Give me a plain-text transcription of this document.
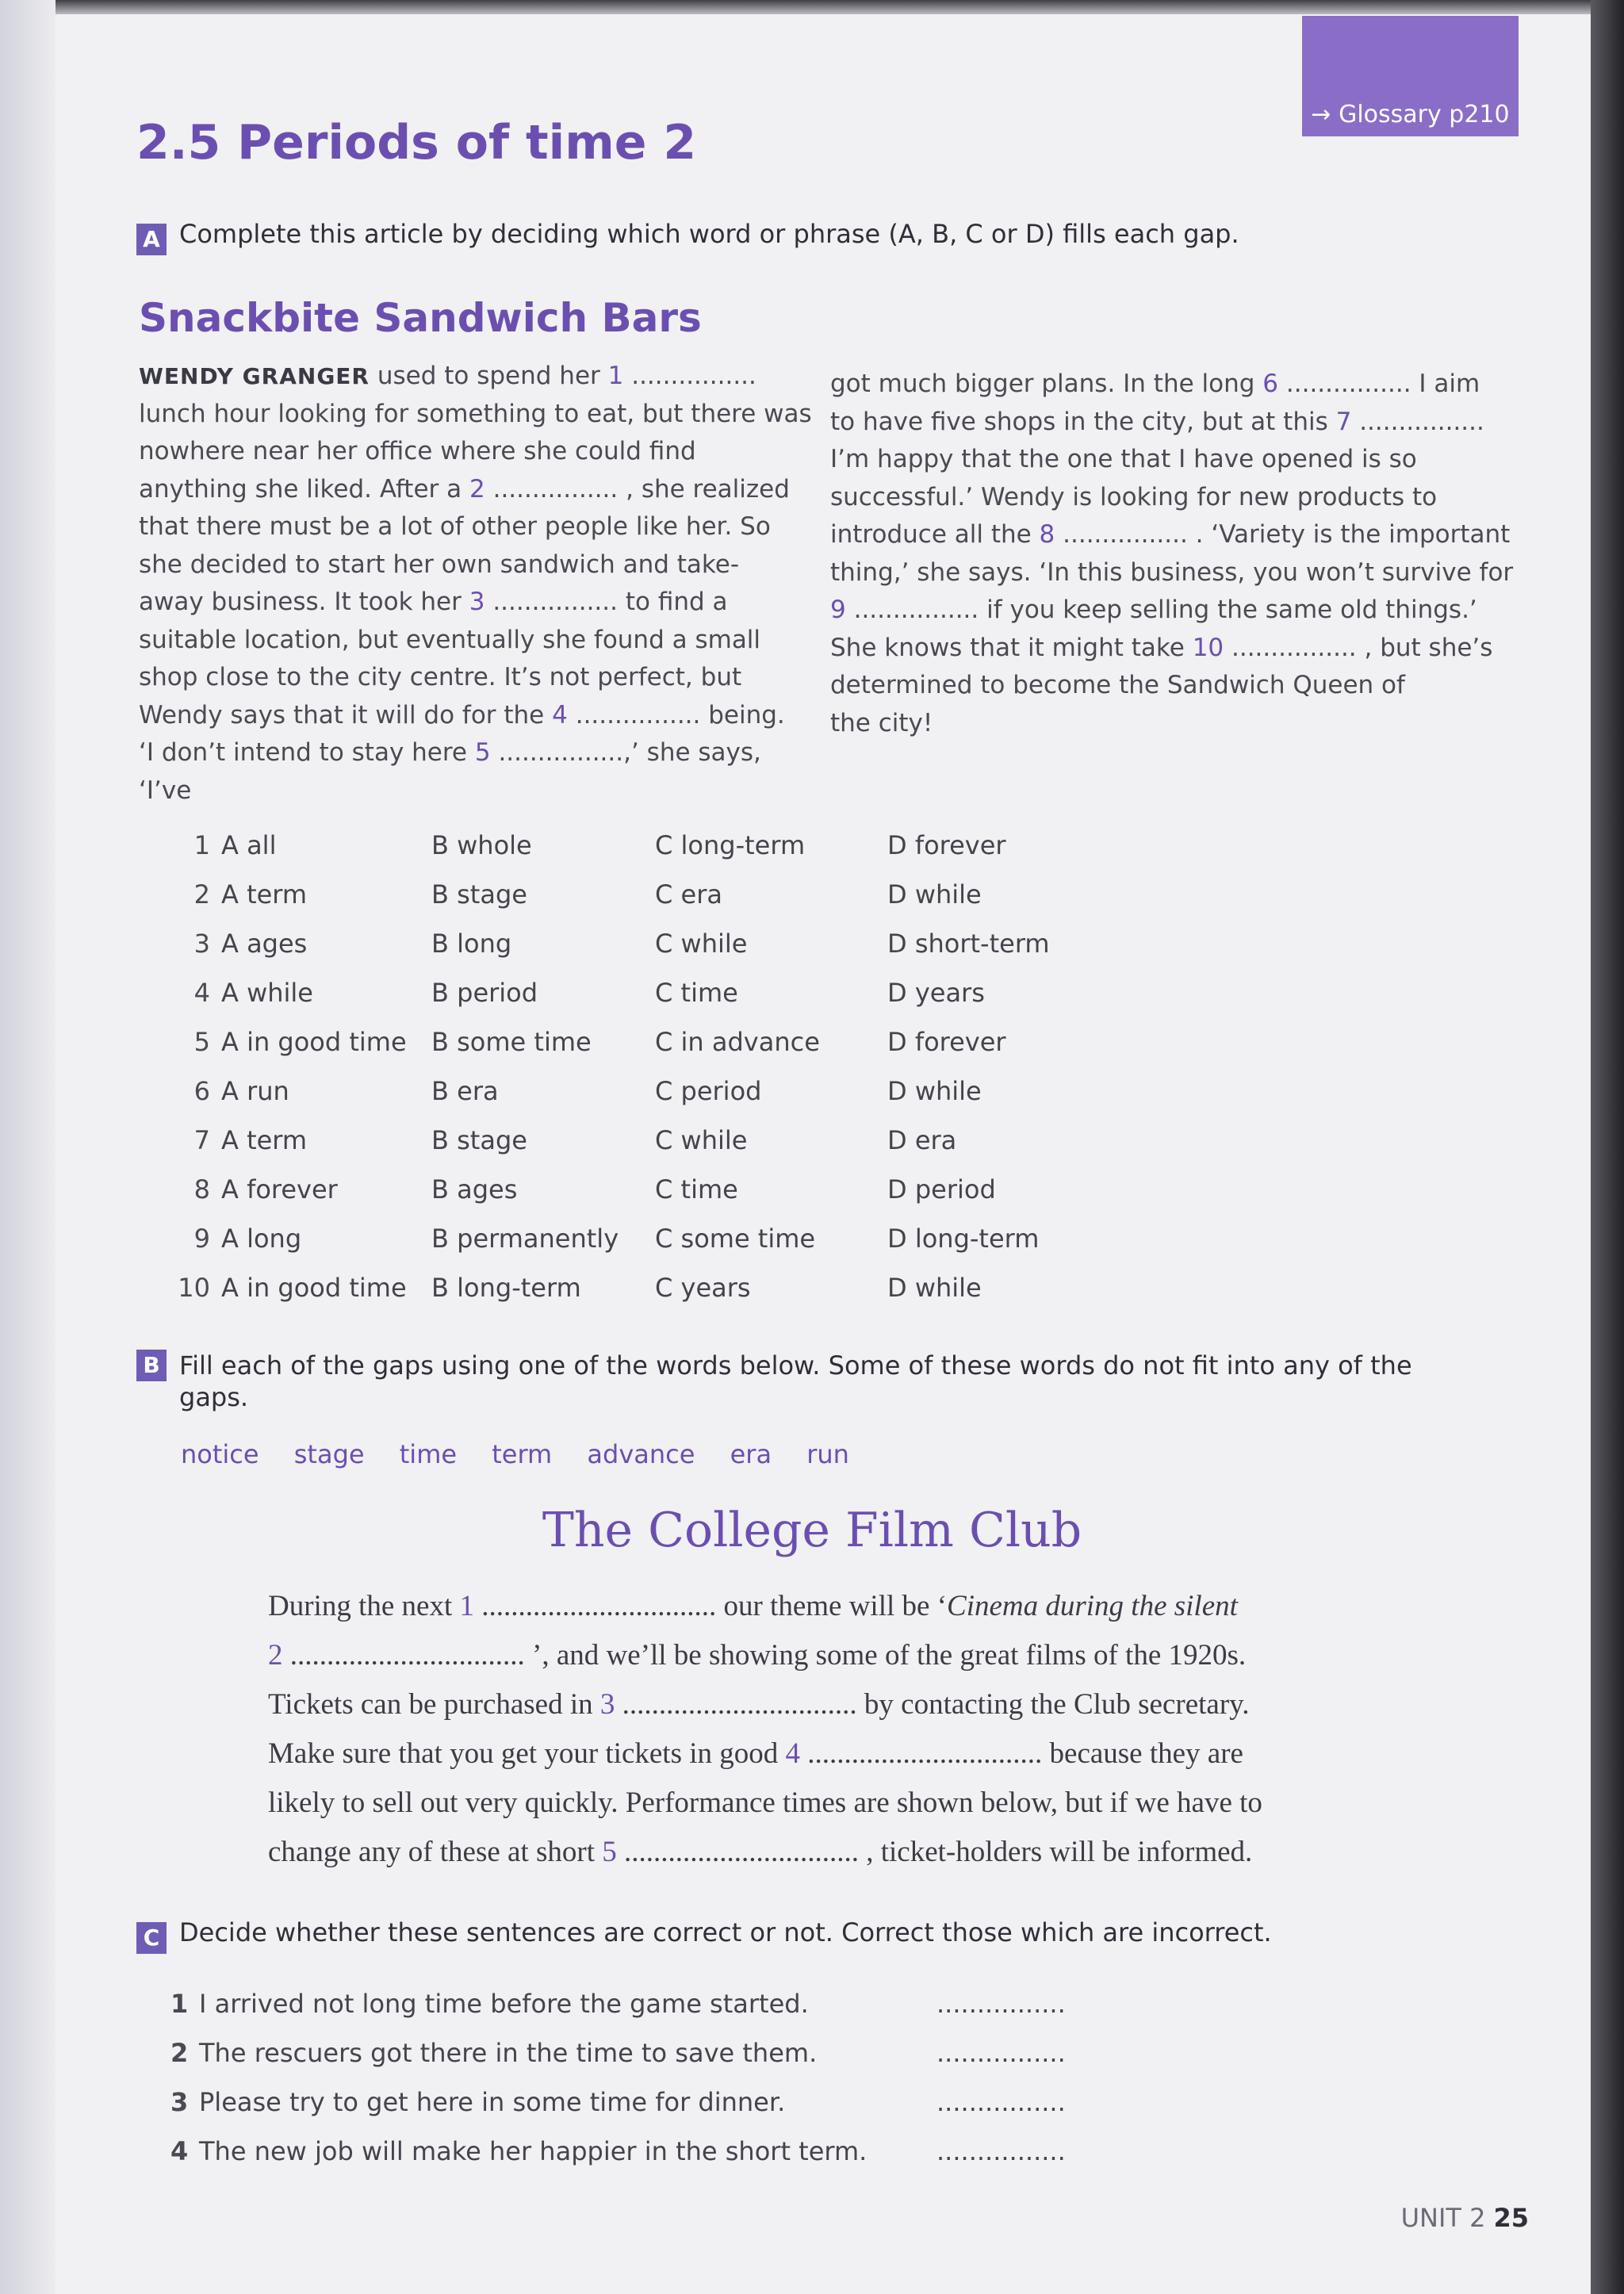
→ Glossary p210
2.5 Periods of time 2
A Complete this article by deciding which word or phrase (A, B, C or D) fills each gap.
Snackbite Sandwich Bars
WENDY GRANGER used to spend her 1 ................
lunch hour looking for something to eat, but there was
nowhere near her office where she could find
anything she liked. After a 2 ................ , she realized
that there must be a lot of other people like her. So
she decided to start her own sandwich and take-
away business. It took her 3 ................ to find a
suitable location, but eventually she found a small
shop close to the city centre. It’s not perfect, but
Wendy says that it will do for the 4 ................ being.
‘I don’t intend to stay here 5 ................,’ she says, ‘I’ve
got much bigger plans. In the long 6 ................ I aim
to have five shops in the city, but at this 7 ................
I’m happy that the one that I have opened is so
successful.’ Wendy is looking for new products to
introduce all the 8 ................ . ‘Variety is the important
thing,’ she says. ‘In this business, you won’t survive for
9 ................ if you keep selling the same old things.’
She knows that it might take 10 ................ , but she’s
determined to become the Sandwich Queen of
the city!
1	A all	B whole	C long-term	D forever
2	A term	B stage	C era	D while
3	A ages	B long	C while	D short-term
4	A while	B period	C time	D years
5	A in good time	B some time	C in advance	D forever
6	A run	B era	C period	D while
7	A term	B stage	C while	D era
8	A forever	B ages	C time	D period
9	A long	B permanently	C some time	D long-term
10	A in good time	B long-term	C years	D while
B Fill each of the gaps using one of the words below. Some of these words do not fit into any of the
gaps.
notice stage time term advance era run
The College Film Club
During the next 1 ................................ our theme will be ‘Cinema during the silent
2 ................................ ’, and we’ll be showing some of the great films of the 1920s.
Tickets can be purchased in 3 ................................ by contacting the Club secretary.
Make sure that you get your tickets in good 4 ................................ because they are
likely to sell out very quickly. Performance times are shown below, but if we have to
change any of these at short 5 ................................ , ticket-holders will be informed.
C Decide whether these sentences are correct or not. Correct those which are incorrect.
1 I arrived not long time before the game started.	................
2 The rescuers got there in the time to save them.	................
3 Please try to get here in some time for dinner.	................
4 The new job will make her happier in the short term.	................
UNIT 2 25
